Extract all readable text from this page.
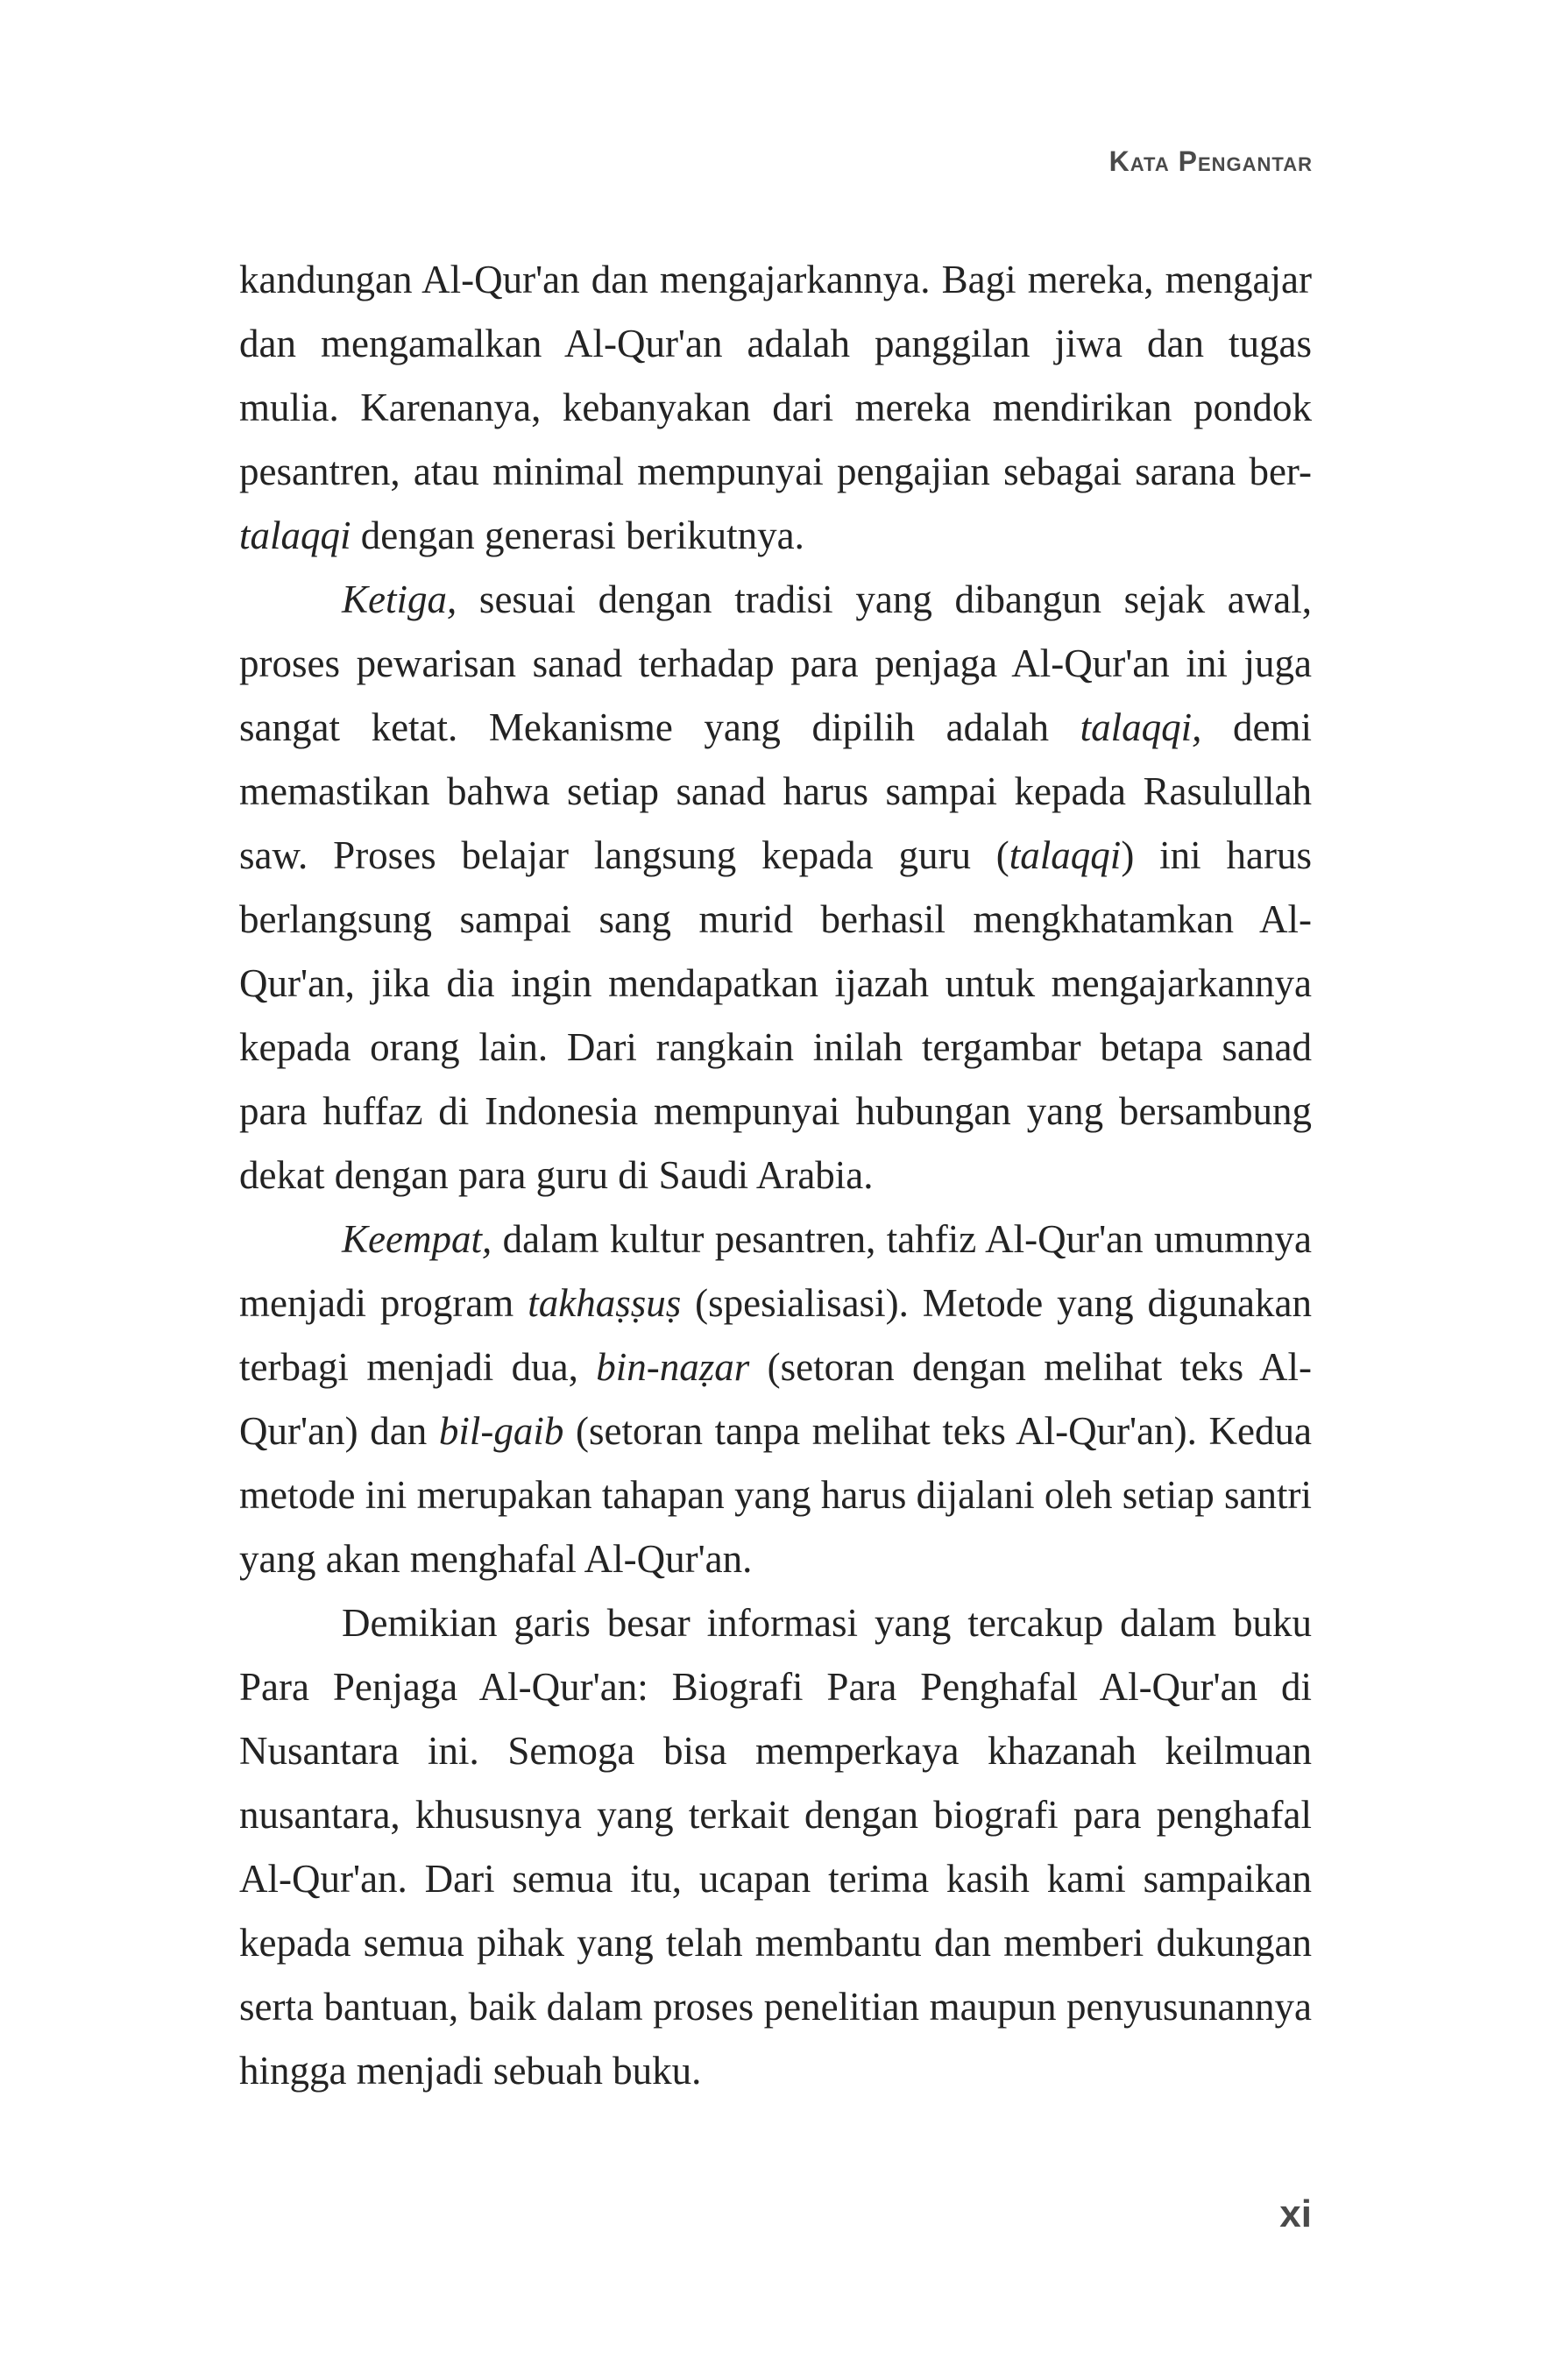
Kata Pengantar

kandungan Al-Qur'an dan mengajarkannya. Bagi mereka, mengajar dan mengamalkan Al-Qur'an adalah panggilan jiwa dan tugas mulia. Karenanya, kebanyakan dari mereka mendirikan pondok pesantren, atau minimal mempunyai pengajian sebagai sarana ber-talaqqi dengan generasi berikutnya.

Ketiga, sesuai dengan tradisi yang dibangun sejak awal, proses pewarisan sanad terhadap para penjaga Al-Qur'an ini juga sangat ketat. Mekanisme yang dipilih adalah talaqqi, demi memastikan bahwa setiap sanad harus sampai kepada Rasulullah saw. Proses belajar langsung kepada guru (talaqqi) ini harus berlangsung sampai sang murid berhasil mengkhatamkan Al-Qur'an, jika dia ingin mendapatkan ijazah untuk mengajarkannya kepada orang lain. Dari rangkain inilah tergambar betapa sanad para huffaz di Indonesia mempunyai hubungan yang bersambung dekat dengan para guru di Saudi Arabia.

Keempat, dalam kultur pesantren, tahfiz Al-Qur'an umumnya menjadi program takhaṣṣuṣ (spesialisasi). Metode yang digunakan terbagi menjadi dua, bin-naẓar (setoran dengan melihat teks Al-Qur'an) dan bil-gaib (setoran tanpa melihat teks Al-Qur'an). Kedua metode ini merupakan tahapan yang harus dijalani oleh setiap santri yang akan menghafal Al-Qur'an.

Demikian garis besar informasi yang tercakup dalam buku Para Penjaga Al-Qur'an: Biografi Para Penghafal Al-Qur'an di Nusantara ini. Semoga bisa memperkaya khazanah keilmuan nusantara, khususnya yang terkait dengan biografi para penghafal Al-Qur'an. Dari semua itu, ucapan terima kasih kami sampaikan kepada semua pihak yang telah membantu dan memberi dukungan serta bantuan, baik dalam proses penelitian maupun penyusunannya hingga menjadi sebuah buku.

xi
